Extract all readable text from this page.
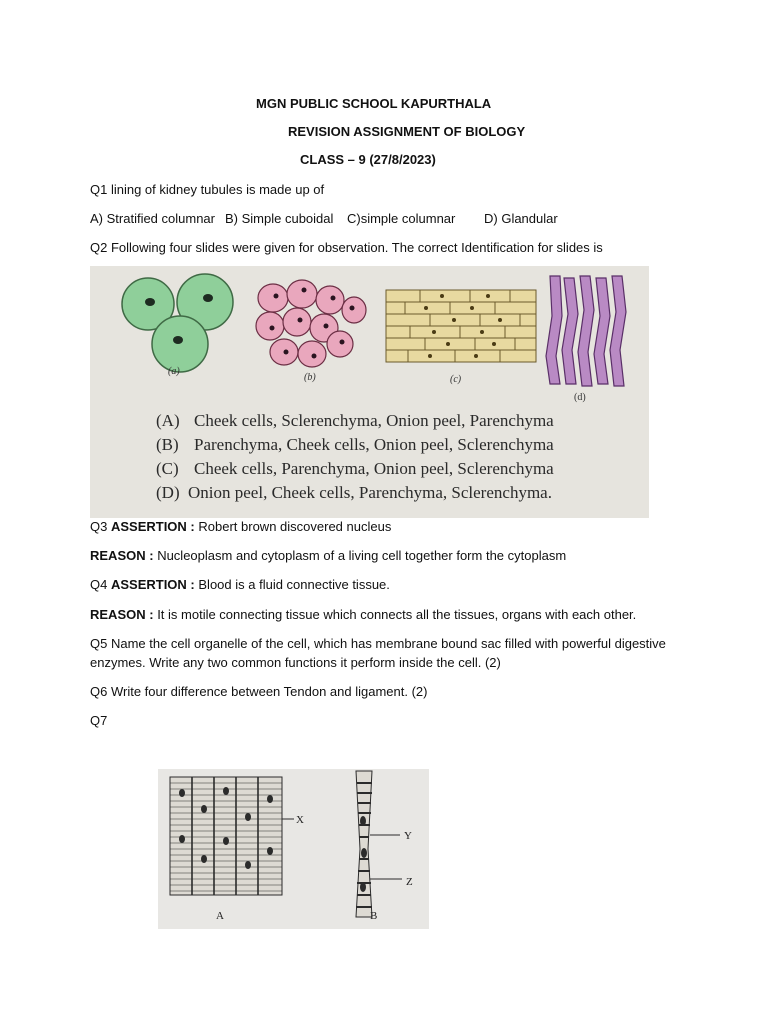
MGN PUBLIC SCHOOL KAPURTHALA
REVISION ASSIGNMENT OF BIOLOGY
CLASS – 9 (27/8/2023)
Q1 lining of kidney tubules is made up of
A) Stratified columnar B) Simple cuboidal C)simple columnar D) Glandular
Q2 Following four slides were given for observation. The correct Identification for slides is
(a)
(b)	(c)
(d)
(A) Cheek cells, Sclerenchyma, Onion peel, Parenchyma
(B) Parenchyma, Cheek cells, Onion peel, Sclerenchyma
(C) Cheek cells, Parenchyma, Onion peel, Sclerenchyma
(D) Onion peel, Cheek cells, Parenchyma, Sclerenchyma.
Q3 ASSERTION : Robert brown discovered nucleus
REASON : Nucleoplasm and cytoplasm of a living cell together form the cytoplasm
Q4 ASSERTION : Blood is a fluid connective tissue.
REASON : It is motile connecting tissue which connects all the tissues, organs with each other.
Q5 Name the cell organelle of the cell, which has membrane bound sac filled with powerful digestive
enzymes. Write any two common functions it perform inside the cell. (2)
Q6 Write four difference between Tendon and ligament. (2)
Q7
X
A
Y
Z
B
